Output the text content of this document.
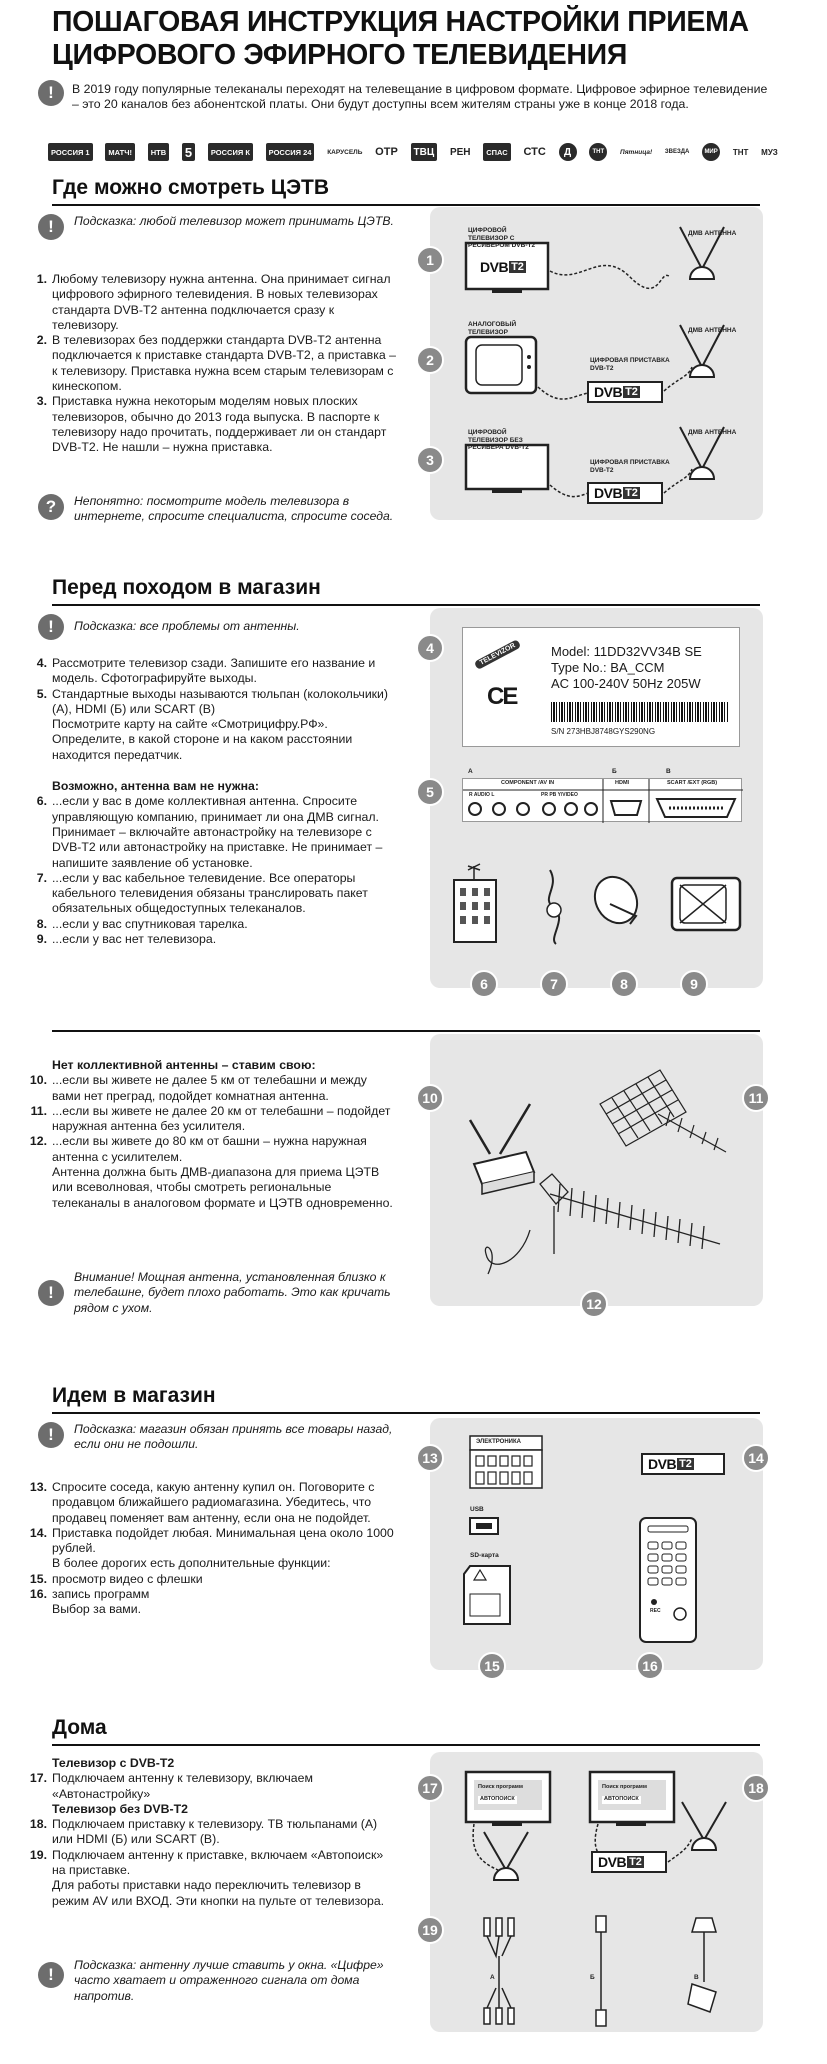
ПОШАГОВАЯ ИНСТРУКЦИЯ НАСТРОЙКИ ПРИЕМА ЦИФРОВОГО ЭФИРНОГО ТЕЛЕВИДЕНИЯ
!	В 2019 году популярные телеканалы переходят на телевещание в цифровом формате. Цифровое эфирное телевидение – это 20 каналов без абонентской платы. Они будут доступны всем жителям страны уже в конце 2018 года.
РОССИЯ 1	МАТЧ!	НТВ 5	РОССИЯ К	РОССИЯ 24	КАРУСЕЛЬ ОТР	ТВЦ	РЕН	СПАС СТС	Д	ТНТ	Пятница! ЗВЕЗДА	МИР ТНТ МУЗ
Где можно смотреть ЦЭТВ
!	Подсказка: любой телевизор может принимать ЦЭТВ.
1. Любому телевизору нужна антенна. Она принимает сигнал цифрового эфирного телевидения. В новых телевизорах стандарта DVB-T2 антенна подключается сразу к телевизору.
2. В телевизорах без поддержки стандарта DVB-T2 антенна подключается к приставке стандарта DVB-T2, а приставка – к телевизору. Приставка нужна всем старым телевизорам с кинескопом.
3. Приставка нужна некоторым моделям новых плоских телевизоров, обычно до 2013 года выпуска. В паспорте к телевизору надо прочитать, поддерживает ли он стандарт DVB-T2. Не нашли – нужна приставка.
?	Непонятно: посмотрите модель телевизора в интернете, спросите специалиста, спросите соседа.
ЦИФРОВОЙ ТЕЛЕВИЗОР С РЕСИВЕРОМ DVB-T2
ДМВ АНТЕННА
DVB T2
АНАЛОГОВЫЙ ТЕЛЕВИЗОР	ДМВ АНТЕННА
ЦИФРОВАЯ ПРИСТАВКА DVB-T2
DVB T2
ЦИФРОВОЙ ТЕЛЕВИЗОР БЕЗ РЕСИВЕРА DVB-T2
ДМВ АНТЕННА
ЦИФРОВАЯ ПРИСТАВКА DVB-T2
DVB T2
1
2
3
Перед походом в магазин
!	Подсказка: все проблемы от антенны.
4. Рассмотрите телевизор сзади. Запишите его название и модель. Сфотографируйте выходы.
5. Стандартные выходы называются тюльпан (колокольчики) (А), HDMI (Б) или SCART (В)
Посмотрите карту на сайте «Смотрицифру.РФ». Определите, в какой стороне и на каком расстоянии находится передатчик.
Возможно, антенна вам не нужна:
6. ...если у вас в доме коллективная антенна. Спросите управляющую компанию, принимает ли она ДМВ сигнал. Принимает – включайте автонастройку на телевизоре с DVB-T2 или автонастройку на приставке. Не принимает – напишите заявление об установке.
7. ...если у вас кабельное телевидение. Все операторы кабельного телевидения обязаны транслировать пакет обязательных общедоступных телеканалов.
8. ...если у вас спутниковая тарелка.
9. ...если у вас нет телевизора.
TELEVIZOR
CE
Model: 11DD32VV34B SE
Type No.: BA_CCM
AC 100-240V 50Hz 205W
S/N 273HBJ8748GYS290NG
А	Б	В
COMPONENT /AV IN
R AUDIO L	PR PB Y/VIDEO
HDMI	SCART /EXT (RGB)
4
5
6	7	8	9
Нет коллективной антенны – ставим свою:
10. ...если вы живете не далее 5 км от телебашни и между вами нет преград, подойдет комнатная антенна.
11. ...если вы живете не далее 20 км от телебашни – подойдет наружная антенна без усилителя.
12. ...если вы живете до 80 км от башни – нужна наружная антенна с усилителем.
Антенна должна быть ДМВ-диапазона для приема ЦЭТВ или всеволновая, чтобы смотреть региональные телеканалы в аналоговом формате и ЦЭТВ одновременно.
!
Внимание! Мощная антенна, установленная близко к телебашне, будет плохо работать. Это как кричать рядом с ухом.
10	11
12
Идем в магазин
!	Подсказка: магазин обязан принять все товары назад, если они не подошли.
13. Спросите соседа, какую антенну купил он. Поговорите с продавцом ближайшего радиомагазина. Убедитесь, что продавец поменяет вам антенну, если она не подойдет.
14. Приставка подойдет любая. Минимальная цена около 1000 рублей.
В более дорогих есть дополнительные функции:
15. просмотр видео с флешки
16. запись программ
Выбор за вами.
ЭЛЕКТРОНИКА
DVB T2
USB
SD-карта
REC
13	14
15	16
Дома
Телевизор с DVB-T2
17. Подключаем антенну к телевизору, включаем «Автонастройку»
Телевизор без DVB-T2
18. Подключаем приставку к телевизору. ТВ тюльпанами (А) или HDMI (Б) или SCART (В).
19. Подключаем антенну к приставке, включаем «Автопоиск» на приставке.
Для работы приставки надо переключить телевизор в режим AV или ВХОД. Эти кнопки на пульте от телевизора.
!	Подсказка: антенну лучше ставить у окна. «Цифре» часто хватает и отраженного сигнала от дома напротив.
Поиск программ
АВТОПОИСК
Поиск программ
АВТОПОИСК
DVB T2
А	Б	В
17	18
19
